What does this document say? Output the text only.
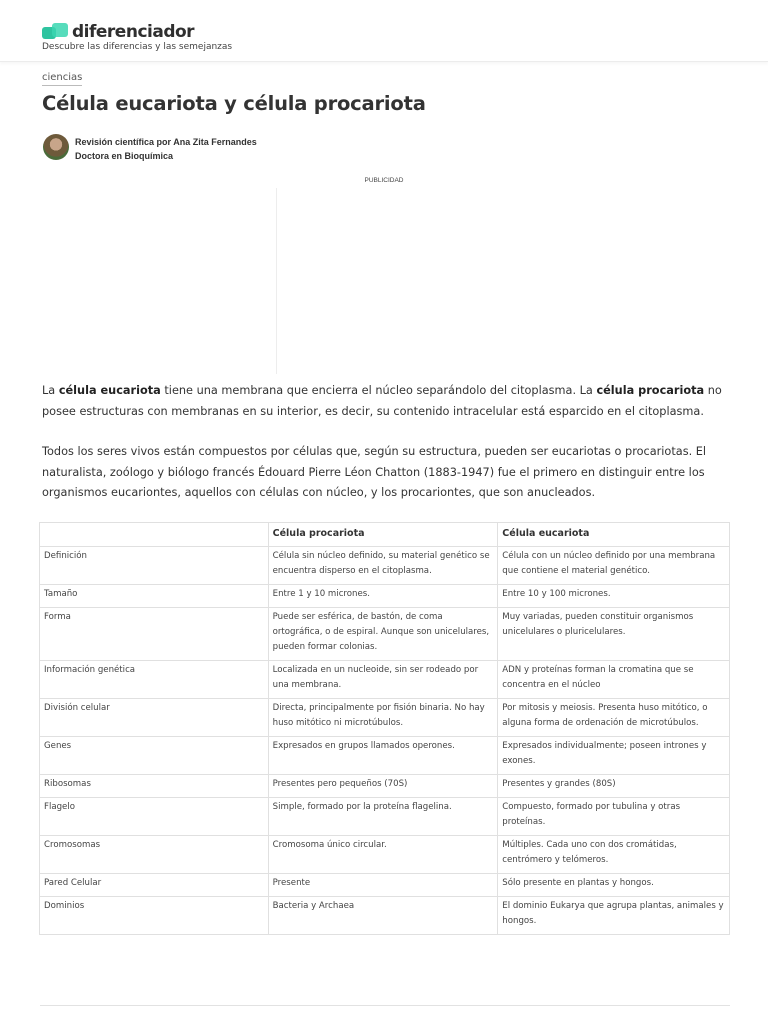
diferenciador
Descubre las diferencias y las semejanzas
ciencias
Célula eucariota y célula procariota
Revisión científica por Ana Zita Fernandes
Doctora en Bioquímica
PUBLICIDAD

La célula eucariota tiene una membrana que encierra el núcleo separándolo del citoplasma. La célula procariota no posee estructuras con membranas en su interior, es decir, su contenido intracelular está esparcido en el citoplasma.

Todos los seres vivos están compuestos por células que, según su estructura, pueden ser eucariotas o procariotas. El naturalista, zoólogo y biólogo francés Édouard Pierre Léon Chatton (1883-1947) fue el primero en distinguir entre los organismos eucariontes, aquellos con células con núcleo, y los procariontes, que son anucleados.

	Célula procariota	Célula eucariota
Definición	Célula sin núcleo definido, su material genético se encuentra disperso en el citoplasma.	Célula con un núcleo definido por una membrana que contiene el material genético.
Tamaño	Entre 1 y 10 micrones.	Entre 10 y 100 micrones.
Forma	Puede ser esférica, de bastón, de coma ortográfica, o de espiral. Aunque son unicelulares, pueden formar colonias.	Muy variadas, pueden constituir organismos unicelulares o pluricelulares.
Información genética	Localizada en un nucleoide, sin ser rodeado por una membrana.	ADN y proteínas forman la cromatina que se concentra en el núcleo
División celular	Directa, principalmente por fisión binaria. No hay huso mitótico ni microtúbulos.	Por mitosis y meiosis. Presenta huso mitótico, o alguna forma de ordenación de microtúbulos.
Genes	Expresados en grupos llamados operones.	Expresados individualmente; poseen intrones y exones.
Ribosomas	Presentes pero pequeños (70S)	Presentes y grandes (80S)
Flagelo	Simple, formado por la proteína flagelina.	Compuesto, formado por tubulina y otras proteínas.
Cromosomas	Cromosoma único circular.	Múltiples. Cada uno con dos cromátidas, centrómero y telómeros.
Pared Celular	Presente	Sólo presente en plantas y hongos.
Dominios	Bacteria y Archaea	El dominio Eukarya que agrupa plantas, animales y hongos.
